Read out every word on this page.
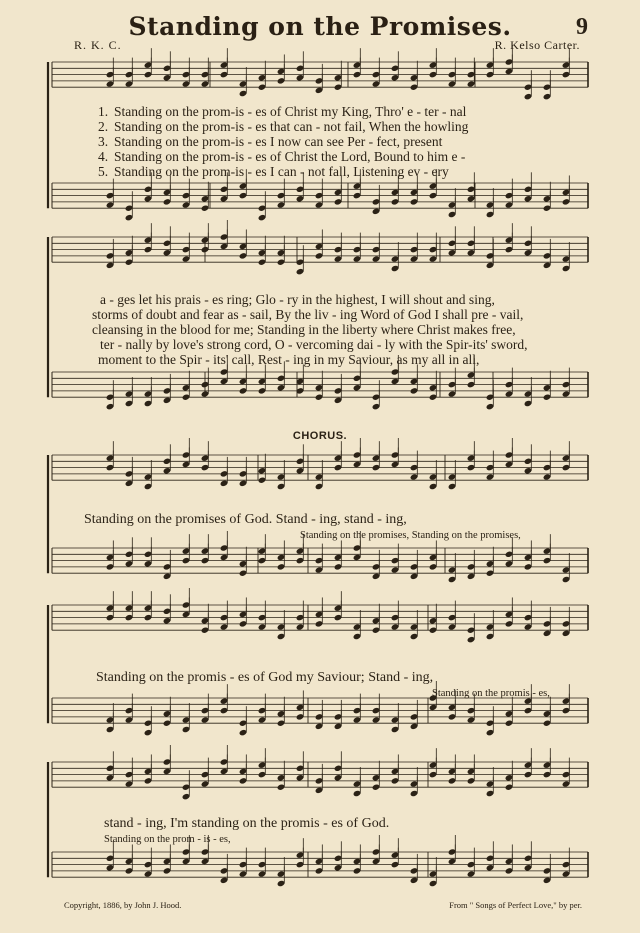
Standing on the Promises.	9
R. K. C.	R. Kelso Carter.
1. Standing on the prom-is - es of Christ my King, Thro' e - ter - nal
2. Standing on the prom-is - es that can - not fail, When the howling
3. Standing on the prom-is - es I now can see Per - fect, present
4. Standing on the prom-is - es of Christ the Lord, Bound to him e -
5. Standing on the prom-is - es I can - not fall, Listening ev - ery
a - ges let his prais - es ring; Glo - ry in the highest, I will shout and sing,
storms of doubt and fear as - sail, By the liv - ing Word of God I shall pre - vail,
cleansing in the blood for me; Standing in the liberty where Christ makes free,
ter - nally by love's strong cord, O - vercoming dai - ly with the Spir-its' sword,
moment to the Spir - its' call, Rest - ing in my Saviour, as my all in all,
CHORUS.
Standing on the promises of God. Stand - ing, stand - ing,
Standing on the promises, Standing on the promises,
Standing on the promis - es of God my Saviour; Stand - ing,
Standing on the promis - es,
stand - ing, I'm standing on the promis - es of God.
Standing on the prom - is - es,
Copyright, 1886, by John J. Hood.	From " Songs of Perfect Love," by per.
